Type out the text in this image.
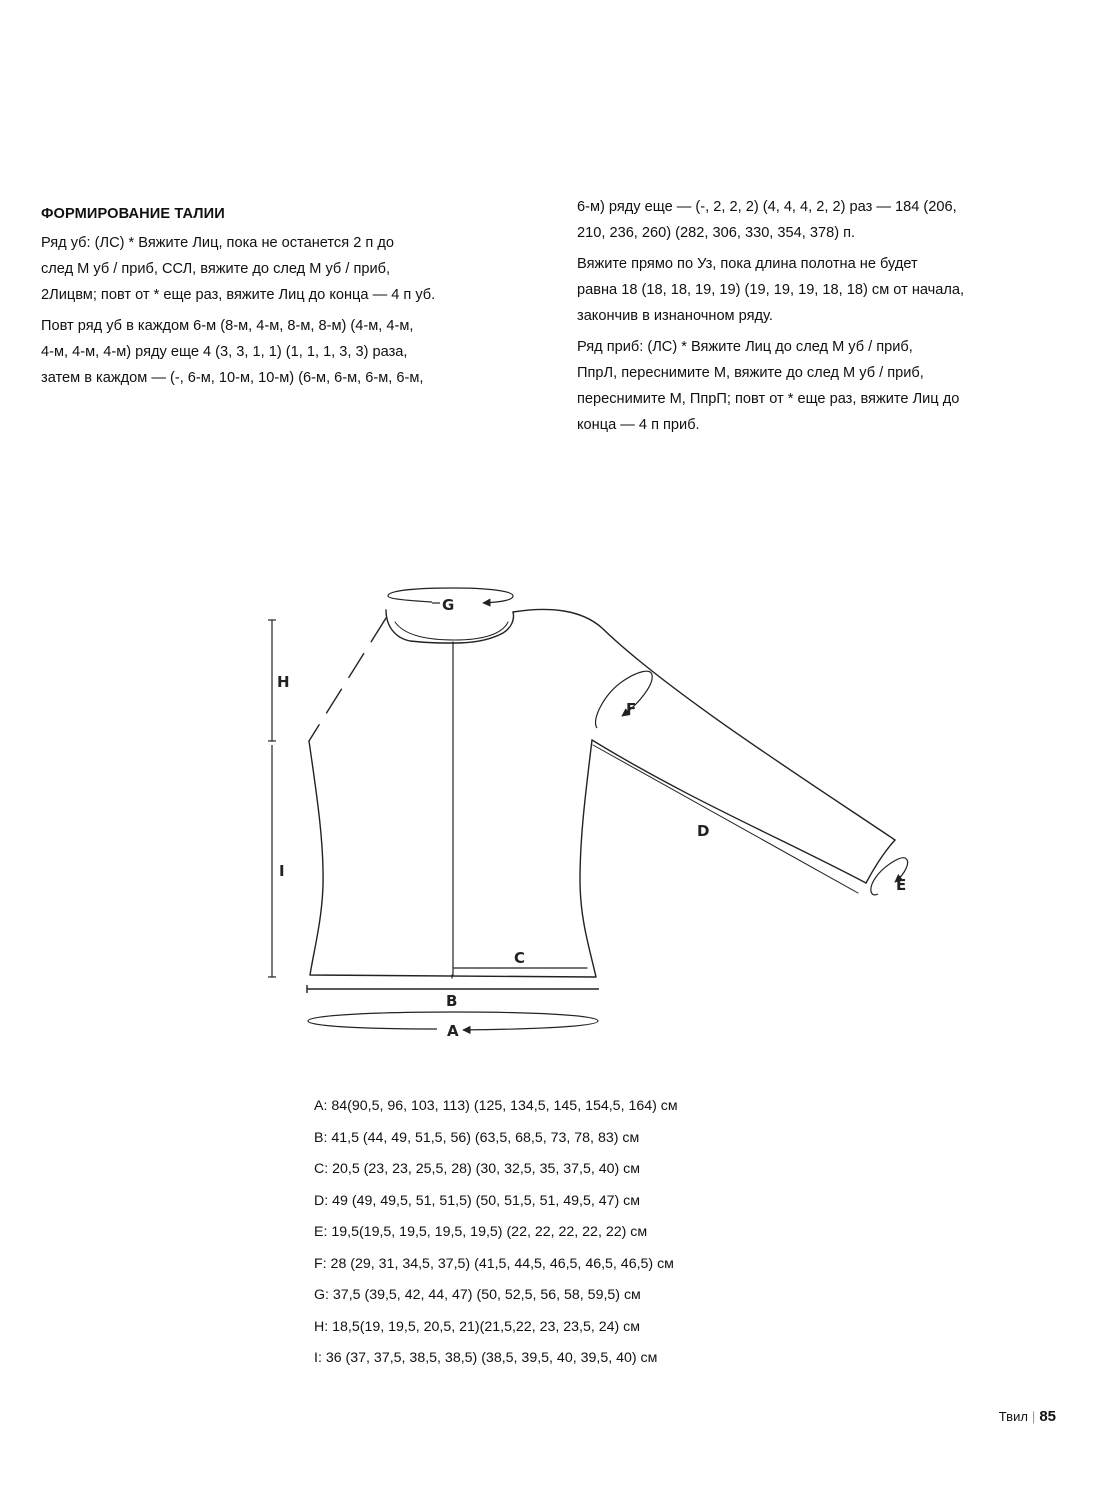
ФОРМИРОВАНИЕ ТАЛИИ
Ряд уб: (ЛС) * Вяжите Лиц, пока не останется 2 п до
след М уб / приб, ССЛ, вяжите до след М уб / приб,
2Лицвм; повт от * еще раз, вяжите Лиц до конца — 4 п уб.
Повт ряд уб в каждом 6-м (8-м, 4-м, 8-м, 8-м) (4-м, 4-м,
4-м, 4-м, 4-м) ряду еще 4 (3, 3, 1, 1) (1, 1, 1, 3, 3) раза,
затем в каждом — (-, 6-м, 10-м, 10-м) (6-м, 6-м, 6-м, 6-м,
6-м) ряду еще — (-, 2, 2, 2) (4, 4, 4, 2, 2) раз — 184 (206,
210, 236, 260) (282, 306, 330, 354, 378) п.
Вяжите прямо по Уз, пока длина полотна не будет
равна 18 (18, 18, 19, 19) (19, 19, 19, 18, 18) см от начала,
закончив в изнаночном ряду.
Ряд приб: (ЛС) * Вяжите Лиц до след М уб / приб,
ПпрЛ, переснимите М, вяжите до след М уб / приб,
переснимите М, ПпрП; повт от * еще раз, вяжите Лиц до
конца — 4 п приб.
G
H
F
D
I
E
C
B
A
A: 84(90,5, 96, 103, 113) (125, 134,5, 145, 154,5, 164) см
B: 41,5 (44, 49, 51,5, 56) (63,5, 68,5, 73, 78, 83) см
C: 20,5 (23, 23, 25,5, 28) (30, 32,5, 35, 37,5, 40) см
D: 49 (49, 49,5, 51, 51,5) (50, 51,5, 51, 49,5, 47) см
E: 19,5(19,5, 19,5, 19,5, 19,5) (22, 22, 22, 22, 22) см
F: 28 (29, 31, 34,5, 37,5) (41,5, 44,5, 46,5, 46,5, 46,5) см
G: 37,5 (39,5, 42, 44, 47) (50, 52,5, 56, 58, 59,5) см
H: 18,5(19, 19,5, 20,5, 21)(21,5,22, 23, 23,5, 24) см
I: 36 (37, 37,5, 38,5, 38,5) (38,5, 39,5, 40, 39,5, 40) см
Твил | 85
